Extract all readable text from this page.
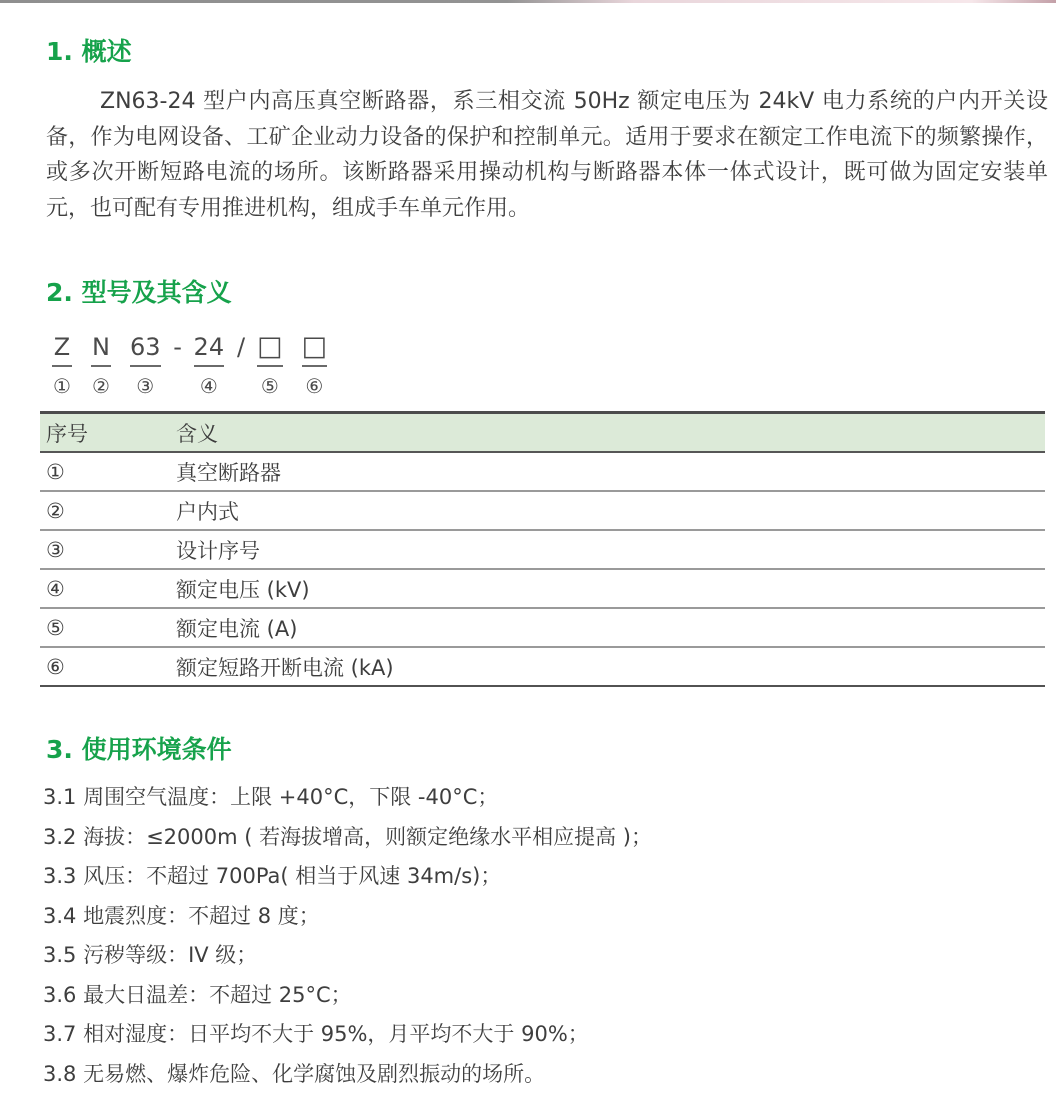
1. 概述

ZN63-24 型户内高压真空断路器，系三相交流 50Hz 额定电压为 24kV 电力系统的户内开关设备，作为电网设备、工矿企业动力设备的保护和控制单元。适用于要求在额定工作电流下的频繁操作，或多次开断短路电流的场所。该断路器采用操动机构与断路器本体一体式设计，既可做为固定安装单元，也可配有专用推进机构，组成手车单元作用。

2. 型号及其含义
Z
①
N
②
63
③
- 24
④
/ □
⑤
□
⑥
序号	含义
①	真空断路器
②	户内式
③	设计序号
④	额定电压 (kV)
⑤	额定电流 (A)
⑥	额定短路开断电流 (kA)
3. 使用环境条件
3.1 周围空气温度：上限 +40°C，下限 -40°C；
3.2 海拔：≤2000m ( 若海拔增高，则额定绝缘水平相应提高 )；
3.3 风压：不超过 700Pa( 相当于风速 34m/s)；
3.4 地震烈度：不超过 8 度；
3.5 污秽等级：IV 级；
3.6 最大日温差：不超过 25°C；
3.7 相对湿度：日平均不大于 95%，月平均不大于 90%；
3.8 无易燃、爆炸危险、化学腐蚀及剧烈振动的场所。
